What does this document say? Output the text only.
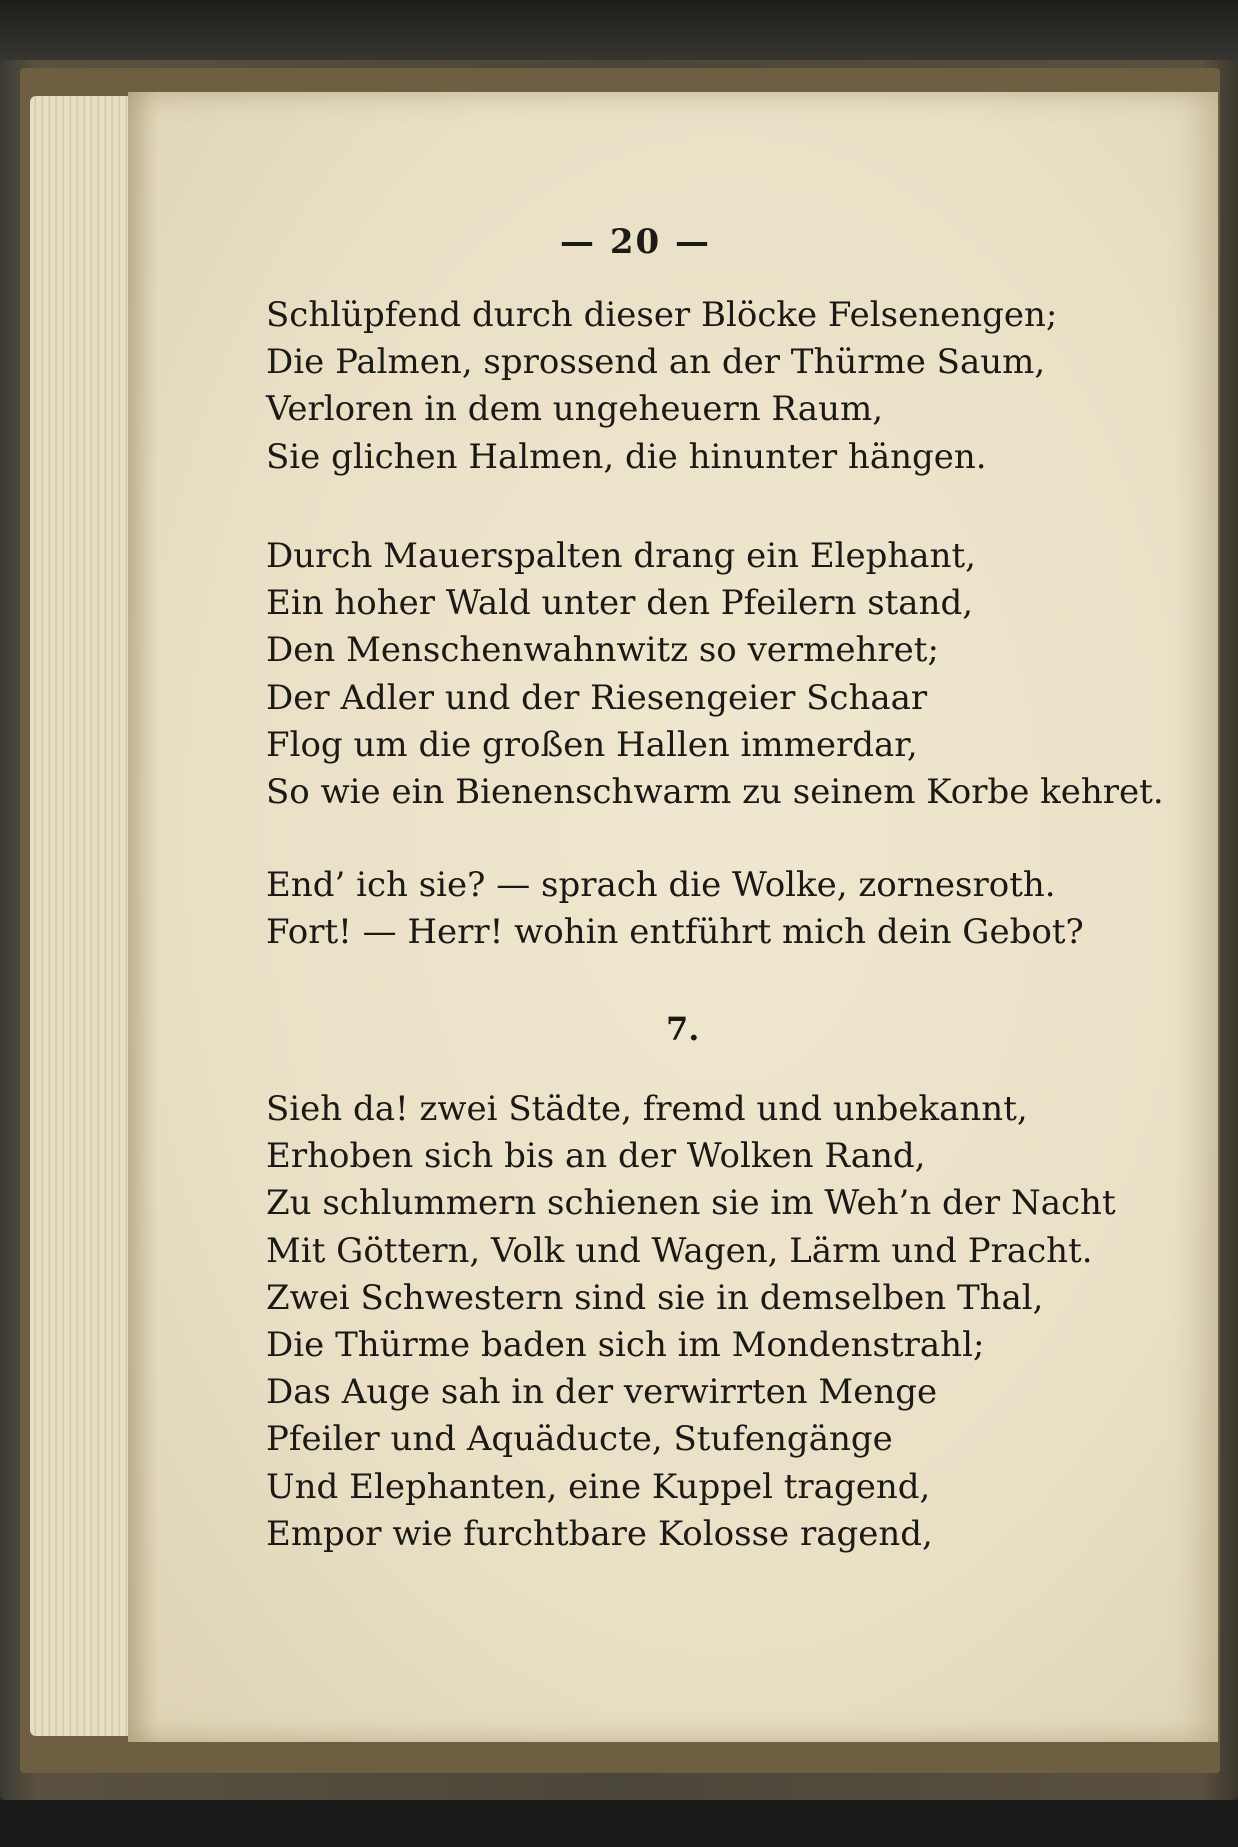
— 20 —
Schlüpfend durch dieser Blöcke Felsenengen;
Die Palmen, sprossend an der Thürme Saum,
Verloren in dem ungeheuern Raum,
Sie glichen Halmen, die hinunter hängen.
Durch Mauerspalten drang ein Elephant,
Ein hoher Wald unter den Pfeilern stand,
Den Menschenwahnwitz so vermehret;
Der Adler und der Riesengeier Schaar
Flog um die großen Hallen immerdar,
So wie ein Bienenschwarm zu seinem Korbe kehret.
End’ ich sie? — sprach die Wolke, zornesroth.
Fort! — Herr! wohin entführt mich dein Gebot?
7.
Sieh da! zwei Städte, fremd und unbekannt,
Erhoben sich bis an der Wolken Rand,
Zu schlummern schienen sie im Weh’n der Nacht
Mit Göttern, Volk und Wagen, Lärm und Pracht.
Zwei Schwestern sind sie in demselben Thal,
Die Thürme baden sich im Mondenstrahl;
Das Auge sah in der verwirrten Menge
Pfeiler und Aquäducte, Stufengänge
Und Elephanten, eine Kuppel tragend,
Empor wie furchtbare Kolosse ragend,
